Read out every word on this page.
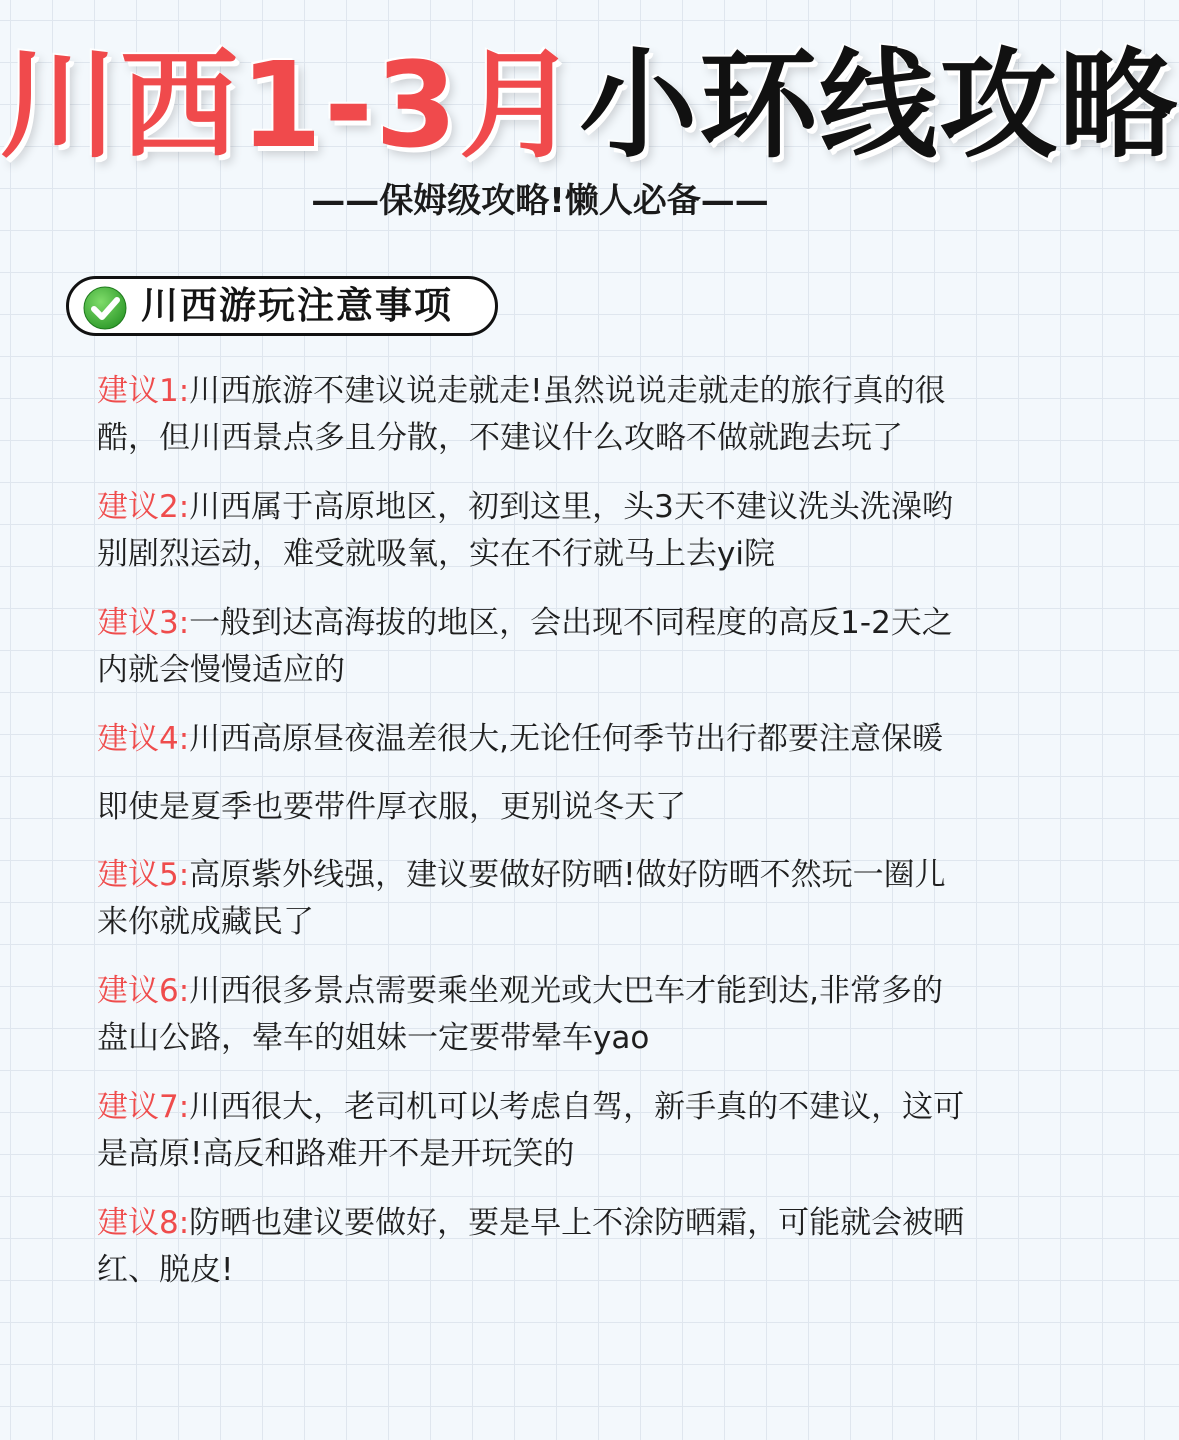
川西1-3月小环线攻略
——保姆级攻略!懒人必备——
川西游玩注意事项
建议1:川西旅游不建议说走就走!虽然说说走就走的旅行真的很
酷，但川西景点多且分散，不建议什么攻略不做就跑去玩了
建议2:川西属于高原地区，初到这里，头3天不建议洗头洗澡哟
别剧烈运动，难受就吸氧，实在不行就马上去yi院
建议3:一般到达高海拔的地区，会出现不同程度的高反1-2天之
内就会慢慢适应的
建议4:川西高原昼夜温差很大,无论任何季节出行都要注意保暖
即使是夏季也要带件厚衣服，更别说冬天了
建议5:高原紫外线强，建议要做好防晒!做好防晒不然玩一圈儿
来你就成藏民了
建议6:川西很多景点需要乘坐观光或大巴车才能到达,非常多的
盘山公路，晕车的姐妹一定要带晕车yao
建议7:川西很大，老司机可以考虑自驾，新手真的不建议，这可
是高原!高反和路难开不是开玩笑的
建议8:防晒也建议要做好，要是早上不涂防晒霜，可能就会被晒
红、脱皮!
